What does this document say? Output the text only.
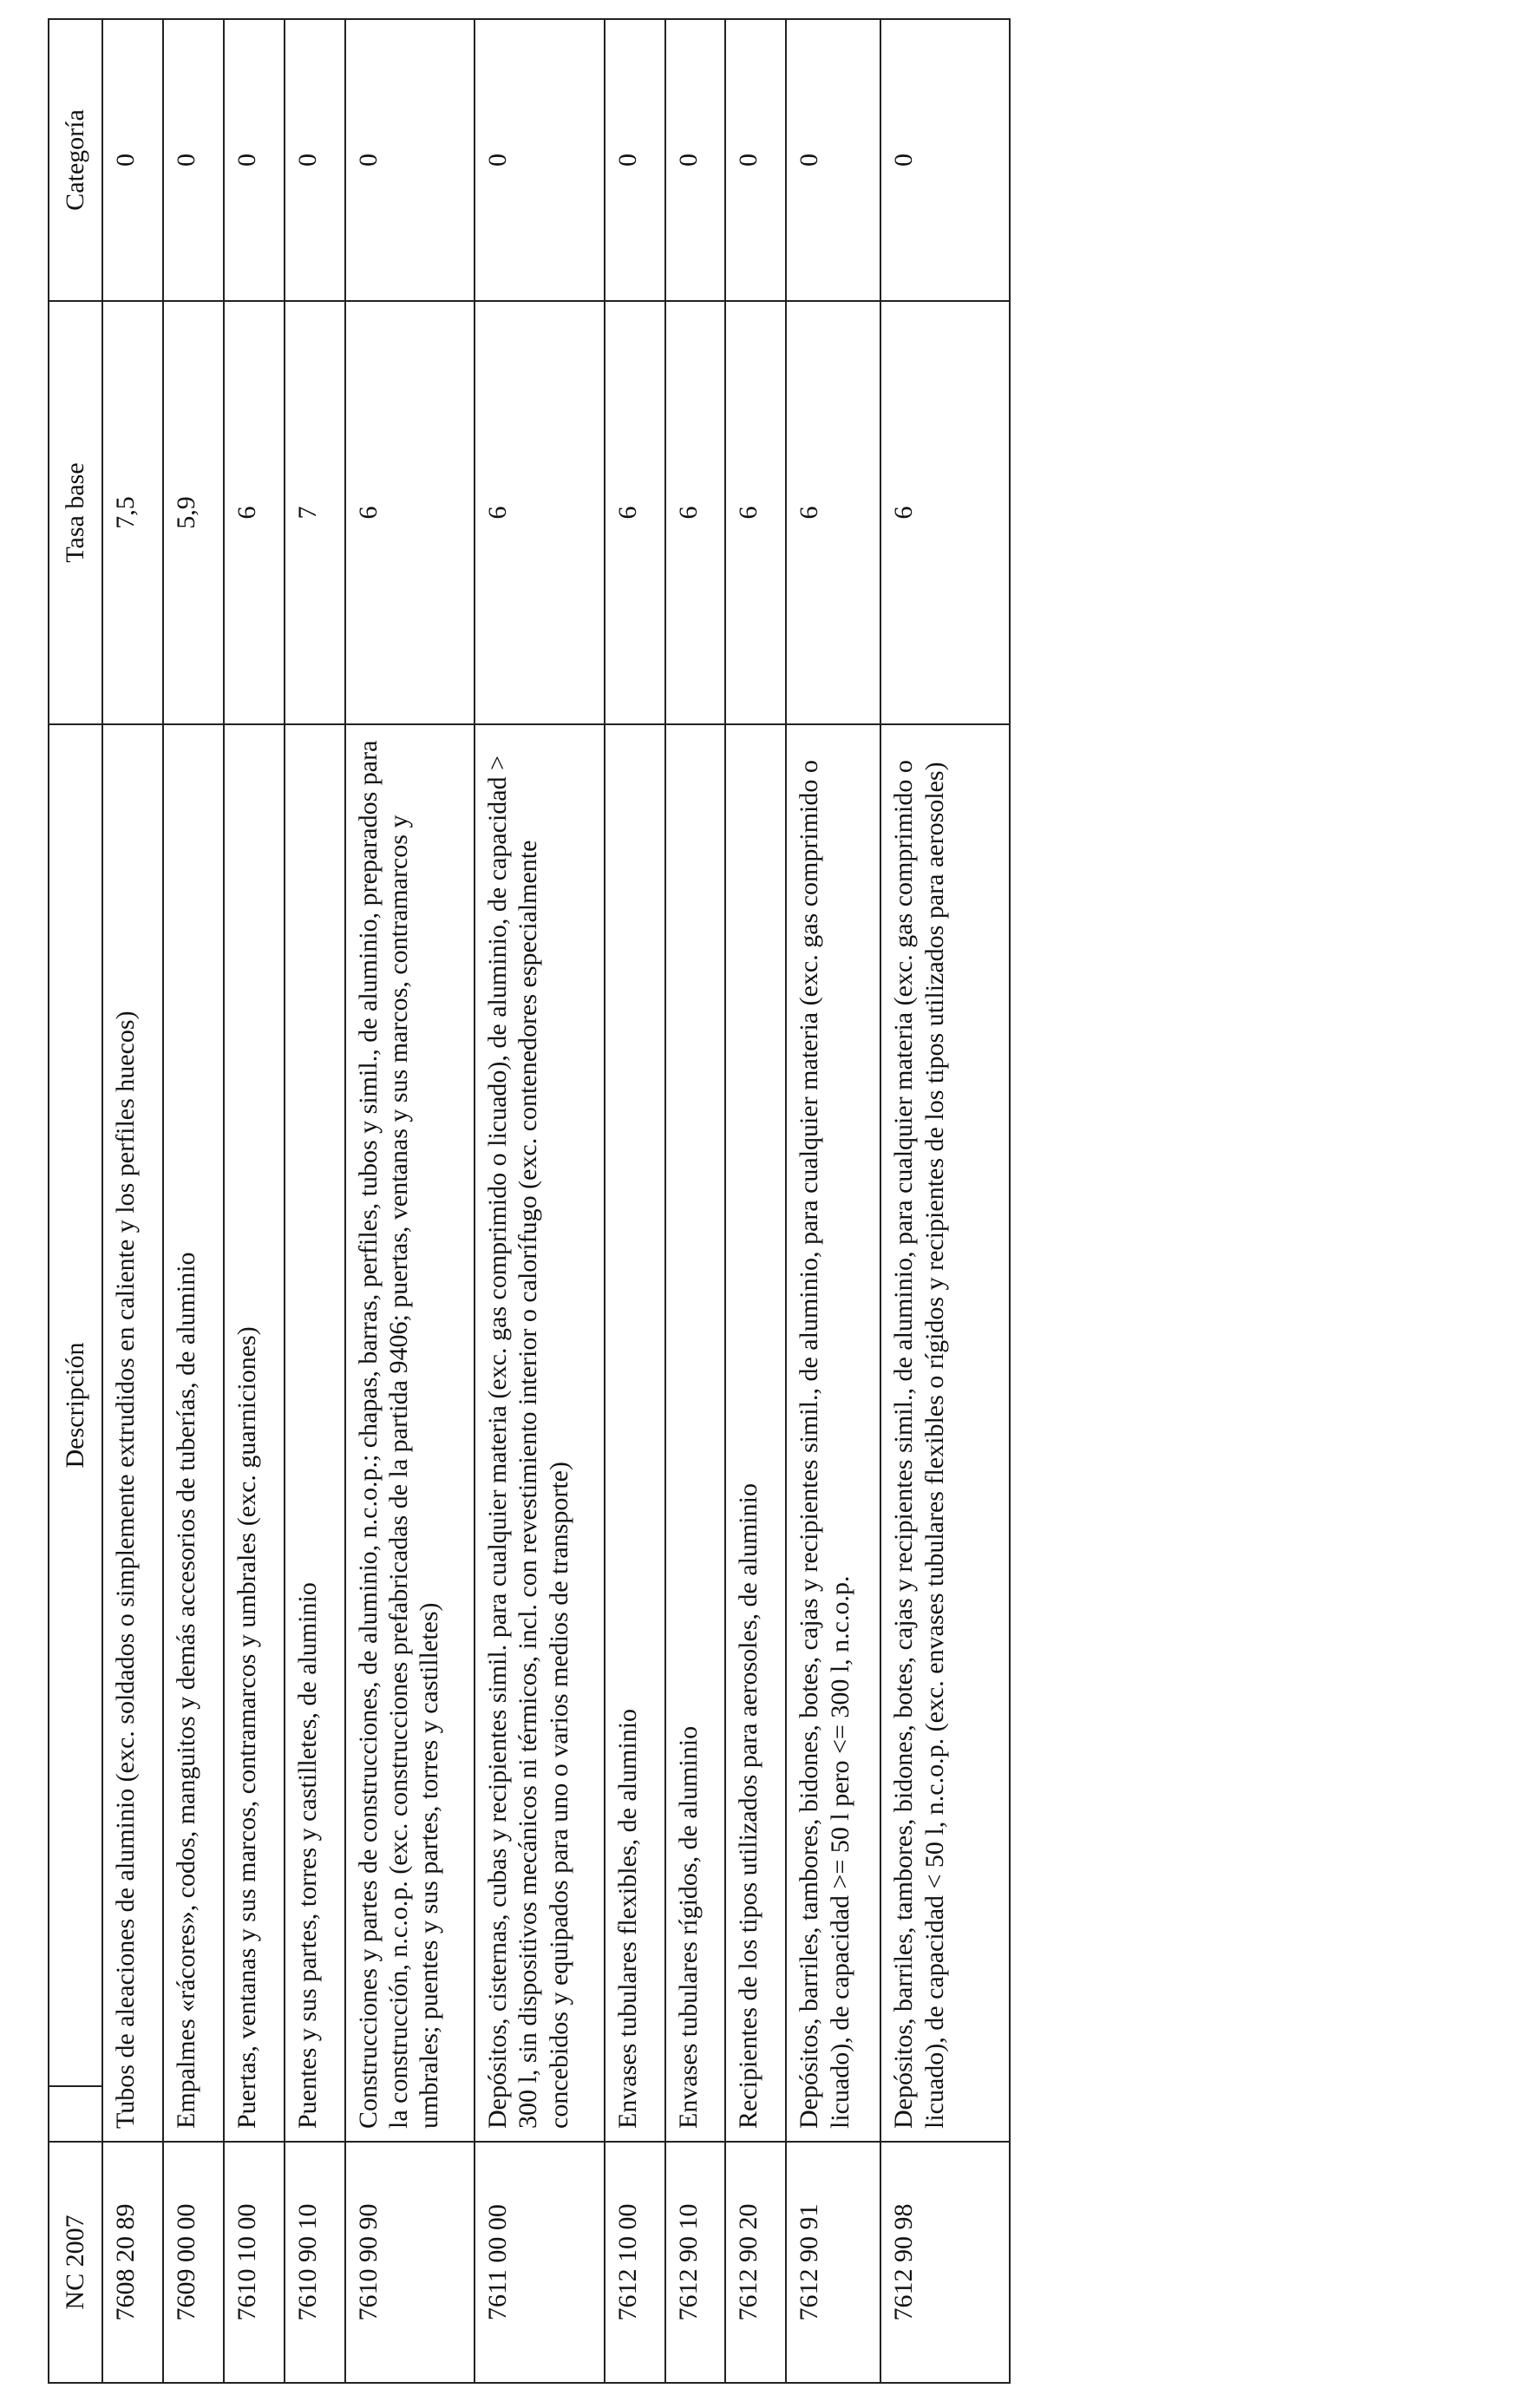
NC 2007		Descripción	Tasa base	Categoría
7608 20 89	Tubos de aleaciones de aluminio (exc. soldados o simplemente extrudidos en caliente y los perfiles huecos)		7,5	0
7609 00 00	Empalmes «rácores», codos, manguitos y demás accesorios de tuberías, de aluminio		5,9	0
7610 10 00	Puertas, ventanas y sus marcos, contramarcos y umbrales (exc. guarniciones)		6	0
7610 90 10	Puentes y sus partes, torres y castilletes, de aluminio		7	0
7610 90 90	Construcciones y partes de construcciones, de aluminio, n.c.o.p.; chapas, barras, perfiles, tubos y simil., de aluminio, preparados para la construcción, n.c.o.p. (exc. construcciones prefabricadas de la partida 9406; puertas, ventanas y sus marcos, contramarcos y umbrales; puentes y sus partes, torres y castilletes)		6	0
7611 00 00	Depósitos, cisternas, cubas y recipientes simil. para cualquier materia (exc. gas comprimido o licuado), de aluminio, de capacidad > 300 l, sin dispositivos mecánicos ni térmicos, incl. con revestimiento interior o calorífugo (exc. contenedores especialmente concebidos y equipados para uno o varios medios de transporte)		6	0
7612 10 00	Envases tubulares flexibles, de aluminio		6	0
7612 90 10	Envases tubulares rígidos, de aluminio		6	0
7612 90 20	Recipientes de los tipos utilizados para aerosoles, de aluminio		6	0
7612 90 91	Depósitos, barriles, tambores, bidones, botes, cajas y recipientes simil., de aluminio, para cualquier materia (exc. gas comprimido o licuado), de capacidad >= 50 l pero <= 300 l, n.c.o.p.		6	0
7612 90 98	Depósitos, barriles, tambores, bidones, botes, cajas y recipientes simil., de aluminio, para cualquier materia (exc. gas comprimido o licuado), de capacidad < 50 l, n.c.o.p. (exc. envases tubulares flexibles o rígidos y recipientes de los tipos utilizados para aerosoles)		6	0
